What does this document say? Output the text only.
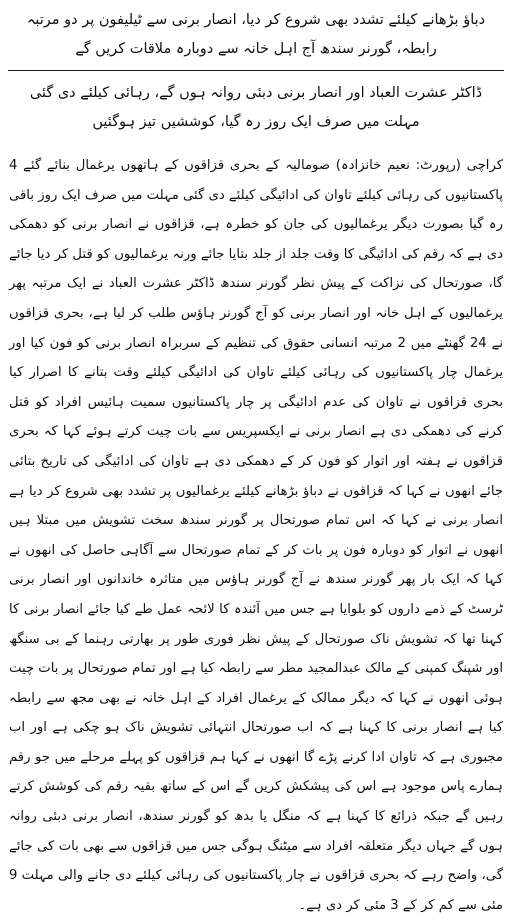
دباؤ بڑھانے کیلئے تشدد بھی شروع کر دیا، انصار برنی سے ٹیلیفون پر دو مرتبہ رابطہ، گورنر سندھ آج اہل خانہ سے دوبارہ ملاقات کریں گے
ڈاکٹر عشرت العباد اور انصار برنی دبئی روانہ ہوں گے، رہائی کیلئے دی گئی مہلت میں صرف ایک روز رہ گیا، کوششیں تیز ہوگئیں

کراچی (رپورٹ: نعیم خانزادہ) صومالیہ کے بحری قزاقوں کے ہاتھوں یرغمال بنائے گئے 4 پاکستانیوں کی رہائی کیلئے تاوان کی ادائیگی کیلئے دی گئی مہلت میں صرف ایک روز باقی رہ گیا بصورت دیگر یرغمالیوں کی جان کو خطرہ ہے، قزاقوں نے انصار برنی کو دھمکی دی ہے کہ رقم کی ادائیگی کا وقت جلد از جلد بتایا جائے ورنہ یرغمالیوں کو قتل کر دیا جائے گا، صورتحال کی نزاکت کے پیش نظر گورنر سندھ ڈاکٹر عشرت العباد نے ایک مرتبہ پھر یرغمالیوں کے اہل خانہ اور انصار برنی کو آج گورنر ہاؤس طلب کر لیا ہے، بحری قزاقوں نے 24 گھنٹے میں 2 مرتبہ انسانی حقوق کی تنظیم کے سربراہ انصار برنی کو فون کیا اور یرغمال چار پاکستانیوں کی رہائی کیلئے تاوان کی ادائیگی کیلئے وقت بتانے کا اصرار کیا بحری قزاقوں نے تاوان کی عدم ادائیگی پر چار پاکستانیوں سمیت ہائیس افراد کو قتل کرنے کی دھمکی دی ہے انصار برنی نے ایکسپریس سے بات چیت کرتے ہوئے کہا کہ بحری قزاقوں نے ہفتہ اور اتوار کو فون کر کے دھمکی دی ہے تاوان کی ادائیگی کی تاریخ بتائی جائے انھوں نے کہا کہ قزاقوں نے دباؤ بڑھانے کیلئے یرغمالیوں پر تشدد بھی شروع کر دیا ہے انصار برنی نے کہا کہ اس تمام صورتحال پر گورنر سندھ سخت تشویش میں مبتلا ہیں انھوں نے اتوار کو دوبارہ فون پر بات کر کے تمام صورتحال سے آگاہی حاصل کی انھوں نے کہا کہ ایک بار پھر گورنر سندھ نے آج گورنر ہاؤس میں متاثرہ خاندانوں اور انصار برنی ٹرسٹ کے ذمے داروں کو بلوایا ہے جس میں آئندہ کا لائحہ عمل طے کیا جائے انصار برنی کا کہنا تھا کہ تشویش ناک صورتحال کے پیش نظر فوری طور پر بھارتی رہنما کے بی سنگھ اور شپنگ کمپنی کے مالک عبدالمجید مطر سے رابطہ کیا ہے اور تمام صورتحال پر بات چیت ہوئی انھوں نے کہا کہ دیگر ممالک کے یرغمال افراد کے اہل خانہ نے بھی مجھ سے رابطہ کیا ہے انصار برنی کا کہنا ہے کہ اب صورتحال انتہائی تشویش ناک ہو چکی ہے اور اب مجبوری ہے کہ تاوان ادا کرنے پڑے گا انھوں نے کہا ہم قزاقوں کو پہلے مرحلے میں جو رقم ہمارے پاس موجود ہے اس کی پیشکش کریں گے اس کے ساتھ بقیہ رقم کی کوشش کرتے رہیں گے جبکہ ذرائع کا کہنا ہے کہ منگل یا بدھ کو گورنر سندھ، انصار برنی دبئی روانہ ہوں گے جہاں دیگر متعلقہ افراد سے میٹنگ ہوگی جس میں قزاقوں سے بھی بات کی جائے گی، واضح رہے کہ بحری قزاقوں نے چار پاکستانیوں کی رہائی کیلئے دی جانے والی مہلت 9 مئی سے کم کر کے 3 مئی کر دی ہے۔
